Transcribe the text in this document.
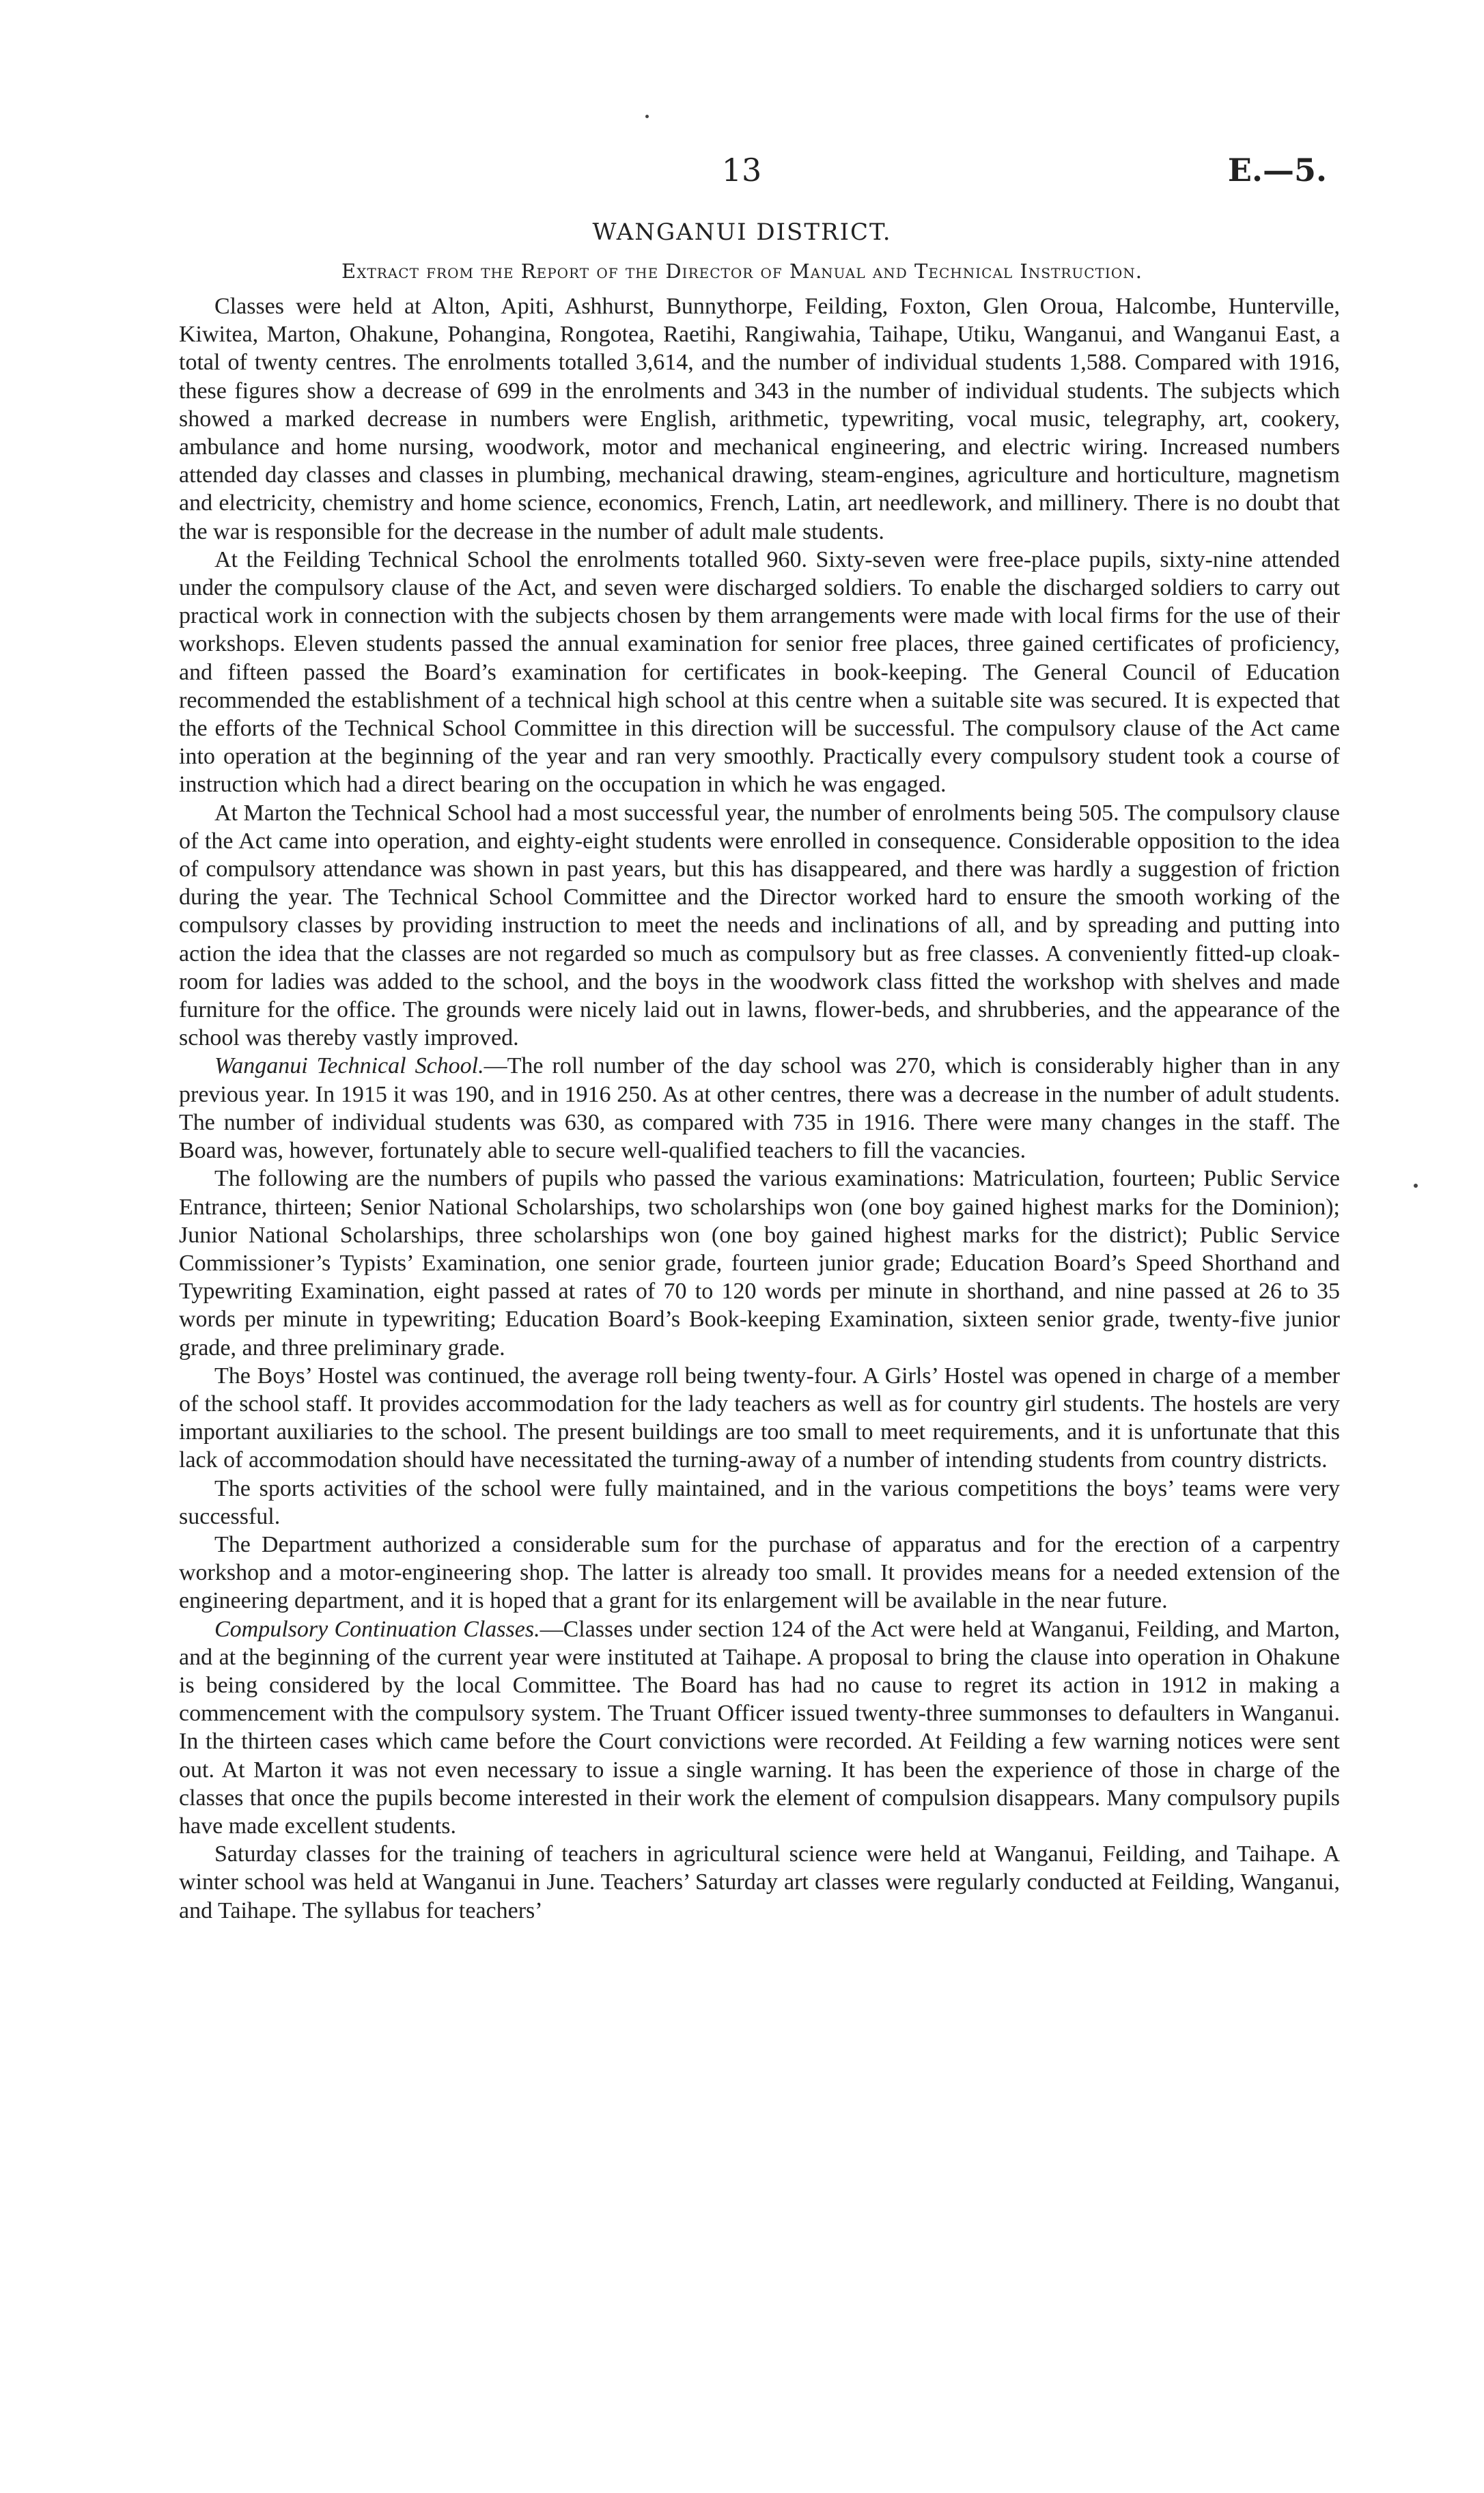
13	E.—5.
WANGANUI DISTRICT.
Extract from the Report of the Director of Manual and Technical Instruction.

Classes were held at Alton, Apiti, Ashhurst, Bunnythorpe, Feilding, Foxton, Glen Oroua, Halcombe, Hunterville, Kiwitea, Marton, Ohakune, Pohangina, Rongotea, Raetihi, Rangiwahia, Taihape, Utiku, Wanganui, and Wanganui East, a total of twenty centres. The enrolments totalled 3,614, and the number of individual students 1,588. Compared with 1916, these figures show a decrease of 699 in the enrolments and 343 in the number of individual students. The subjects which showed a marked decrease in numbers were English, arithmetic, typewriting, vocal music, telegraphy, art, cookery, ambulance and home nursing, woodwork, motor and mechanical engineering, and electric wiring. Increased numbers attended day classes and classes in plumbing, mechanical drawing, steam-engines, agriculture and horticulture, magnetism and electricity, chemistry and home science, economics, French, Latin, art needlework, and millinery. There is no doubt that the war is responsible for the decrease in the number of adult male students.

At the Feilding Technical School the enrolments totalled 960. Sixty-seven were free-place pupils, sixty-nine attended under the compulsory clause of the Act, and seven were discharged soldiers. To enable the discharged soldiers to carry out practical work in connection with the subjects chosen by them arrangements were made with local firms for the use of their workshops. Eleven students passed the annual examination for senior free places, three gained certificates of proficiency, and fifteen passed the Board’s examination for certificates in book-keeping. The General Council of Education recommended the establishment of a technical high school at this centre when a suitable site was secured. It is expected that the efforts of the Technical School Committee in this direction will be successful. The compulsory clause of the Act came into operation at the beginning of the year and ran very smoothly. Practically every compulsory student took a course of instruction which had a direct bearing on the occupation in which he was engaged.

At Marton the Technical School had a most successful year, the number of enrolments being 505. The compulsory clause of the Act came into operation, and eighty-eight students were enrolled in consequence. Considerable opposition to the idea of compulsory attendance was shown in past years, but this has disappeared, and there was hardly a suggestion of friction during the year. The Technical School Committee and the Director worked hard to ensure the smooth working of the compulsory classes by providing instruction to meet the needs and inclinations of all, and by spreading and putting into action the idea that the classes are not regarded so much as compulsory but as free classes. A conveniently fitted-up cloak-room for ladies was added to the school, and the boys in the woodwork class fitted the workshop with shelves and made furniture for the office. The grounds were nicely laid out in lawns, flower-beds, and shrubberies, and the appearance of the school was thereby vastly improved.

Wanganui Technical School.—The roll number of the day school was 270, which is considerably higher than in any previous year. In 1915 it was 190, and in 1916 250. As at other centres, there was a decrease in the number of adult students. The number of individual students was 630, as compared with 735 in 1916. There were many changes in the staff. The Board was, however, fortunately able to secure well-qualified teachers to fill the vacancies.

The following are the numbers of pupils who passed the various examinations: Matriculation, fourteen; Public Service Entrance, thirteen; Senior National Scholarships, two scholarships won (one boy gained highest marks for the Dominion); Junior National Scholarships, three scholarships won (one boy gained highest marks for the district); Public Service Commissioner’s Typists’ Examination, one senior grade, fourteen junior grade; Education Board’s Speed Shorthand and Typewriting Examination, eight passed at rates of 70 to 120 words per minute in shorthand, and nine passed at 26 to 35 words per minute in typewriting; Education Board’s Book-keeping Examination, sixteen senior grade, twenty-five junior grade, and three preliminary grade.

The Boys’ Hostel was continued, the average roll being twenty-four. A Girls’ Hostel was opened in charge of a member of the school staff. It provides accommodation for the lady teachers as well as for country girl students. The hostels are very important auxiliaries to the school. The present buildings are too small to meet requirements, and it is unfortunate that this lack of accommodation should have necessitated the turning-away of a number of intending students from country districts.

The sports activities of the school were fully maintained, and in the various competitions the boys’ teams were very successful.

The Department authorized a considerable sum for the purchase of apparatus and for the erection of a carpentry workshop and a motor-engineering shop. The latter is already too small. It provides means for a needed extension of the engineering department, and it is hoped that a grant for its enlargement will be available in the near future.

Compulsory Continuation Classes.—Classes under section 124 of the Act were held at Wanganui, Feilding, and Marton, and at the beginning of the current year were instituted at Taihape. A proposal to bring the clause into operation in Ohakune is being considered by the local Committee. The Board has had no cause to regret its action in 1912 in making a commencement with the compulsory system. The Truant Officer issued twenty-three summonses to defaulters in Wanganui. In the thirteen cases which came before the Court convictions were recorded. At Feilding a few warning notices were sent out. At Marton it was not even necessary to issue a single warning. It has been the experience of those in charge of the classes that once the pupils become interested in their work the element of compulsion disappears. Many compulsory pupils have made excellent students.

Saturday classes for the training of teachers in agricultural science were held at Wanganui, Feilding, and Taihape. A winter school was held at Wanganui in June. Teachers’ Saturday art classes were regularly conducted at Feilding, Wanganui, and Taihape. The syllabus for teachers’
